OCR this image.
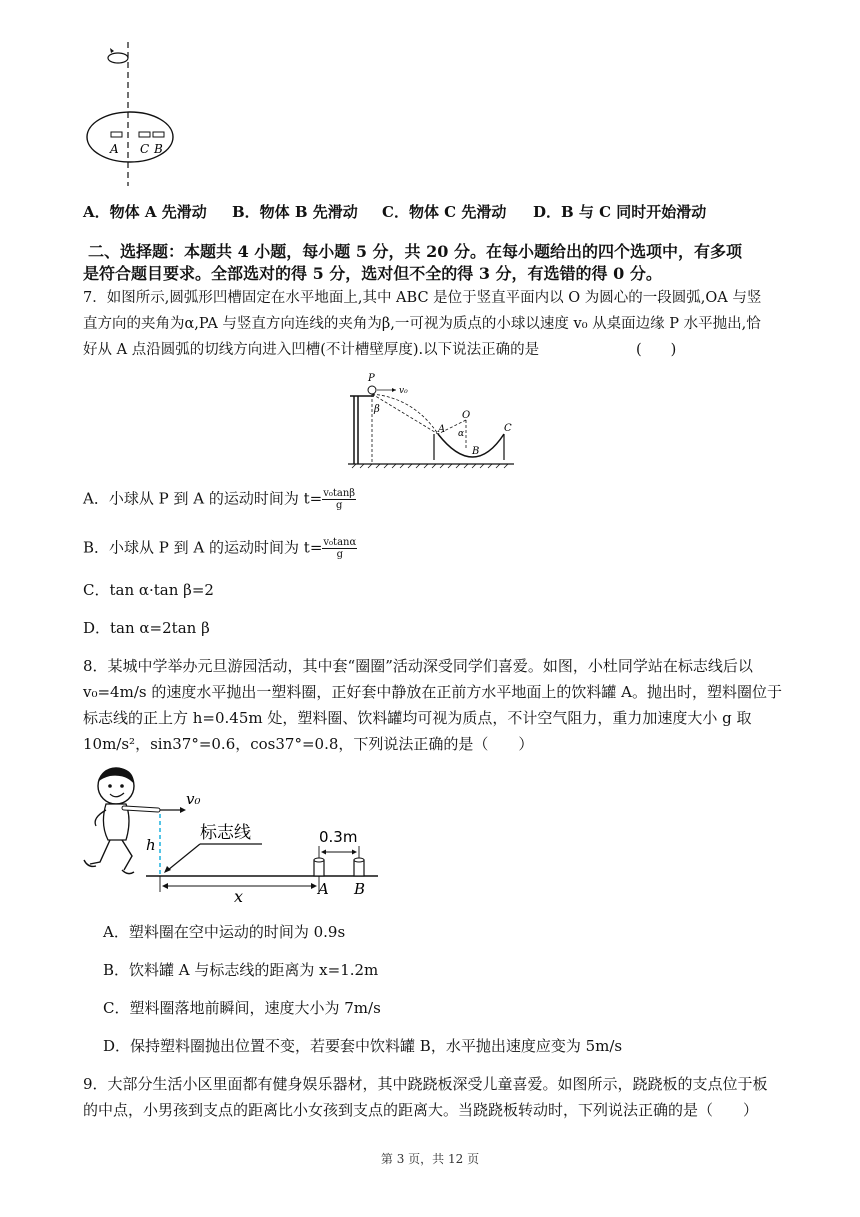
A C B
A．物体 A 先滑动 B．物体 B 先滑动 C．物体 C 先滑动 D．B 与 C 同时开始滑动
二、选择题：本题共 4 小题，每小题 5 分，共 20 分。在每小题给出的四个选项中，有多项
是符合题目要求。全部选对的得 5 分，选对但不全的得 3 分，有选错的得 0 分。
7．如图所示,圆弧形凹槽固定在水平地面上,其中 ABC 是位于竖直平面内以 O 为圆心的一段圆弧,OA 与竖
直方向的夹角为α,PA 与竖直方向连线的夹角为β,一可视为质点的小球以速度 v₀ 从桌面边缘 P 水平抛出,恰
好从 A 点沿圆弧的切线方向进入凹槽(不计槽壁厚度).以下说法正确的是	(　　)
P
v₀
β
O
α
A
B
C
A．小球从 P 到 A 的运动时间为 $t= \frac{\text{v₀tanβ}}{g}$
B．小球从 P 到 A 的运动时间为 $t= \frac{\text{v₀tanα}}{g}$
C．tan α·tan β=2
D．tan α=2tan β
8．某城中学举办元旦游园活动，其中套“圈圈”活动深受同学们喜爱。如图，小杜同学站在标志线后以
v₀=4m/s 的速度水平抛出一塑料圈，正好套中静放在正前方水平地面上的饮料罐 A。抛出时，塑料圈位于
标志线的正上方 h=0.45m 处，塑料圈、饮料罐均可视为质点，不计空气阻力，重力加速度大小 g 取
10m/s²，sin37°=0.6，cos37°=0.8，下列说法正确的是（　　）
v₀
h
标志线	0.3m
x	A B
A．塑料圈在空中运动的时间为 0.9s
B．饮料罐 A 与标志线的距离为 x=1.2m
C．塑料圈落地前瞬间，速度大小为 7m/s
D．保持塑料圈抛出位置不变，若要套中饮料罐 B，水平抛出速度应变为 5m/s
9．大部分生活小区里面都有健身娱乐器材，其中跷跷板深受儿童喜爱。如图所示，跷跷板的支点位于板
的中点，小男孩到支点的距离比小女孩到支点的距离大。当跷跷板转动时，下列说法正确的是（　　）
第 3 页，共 12 页
